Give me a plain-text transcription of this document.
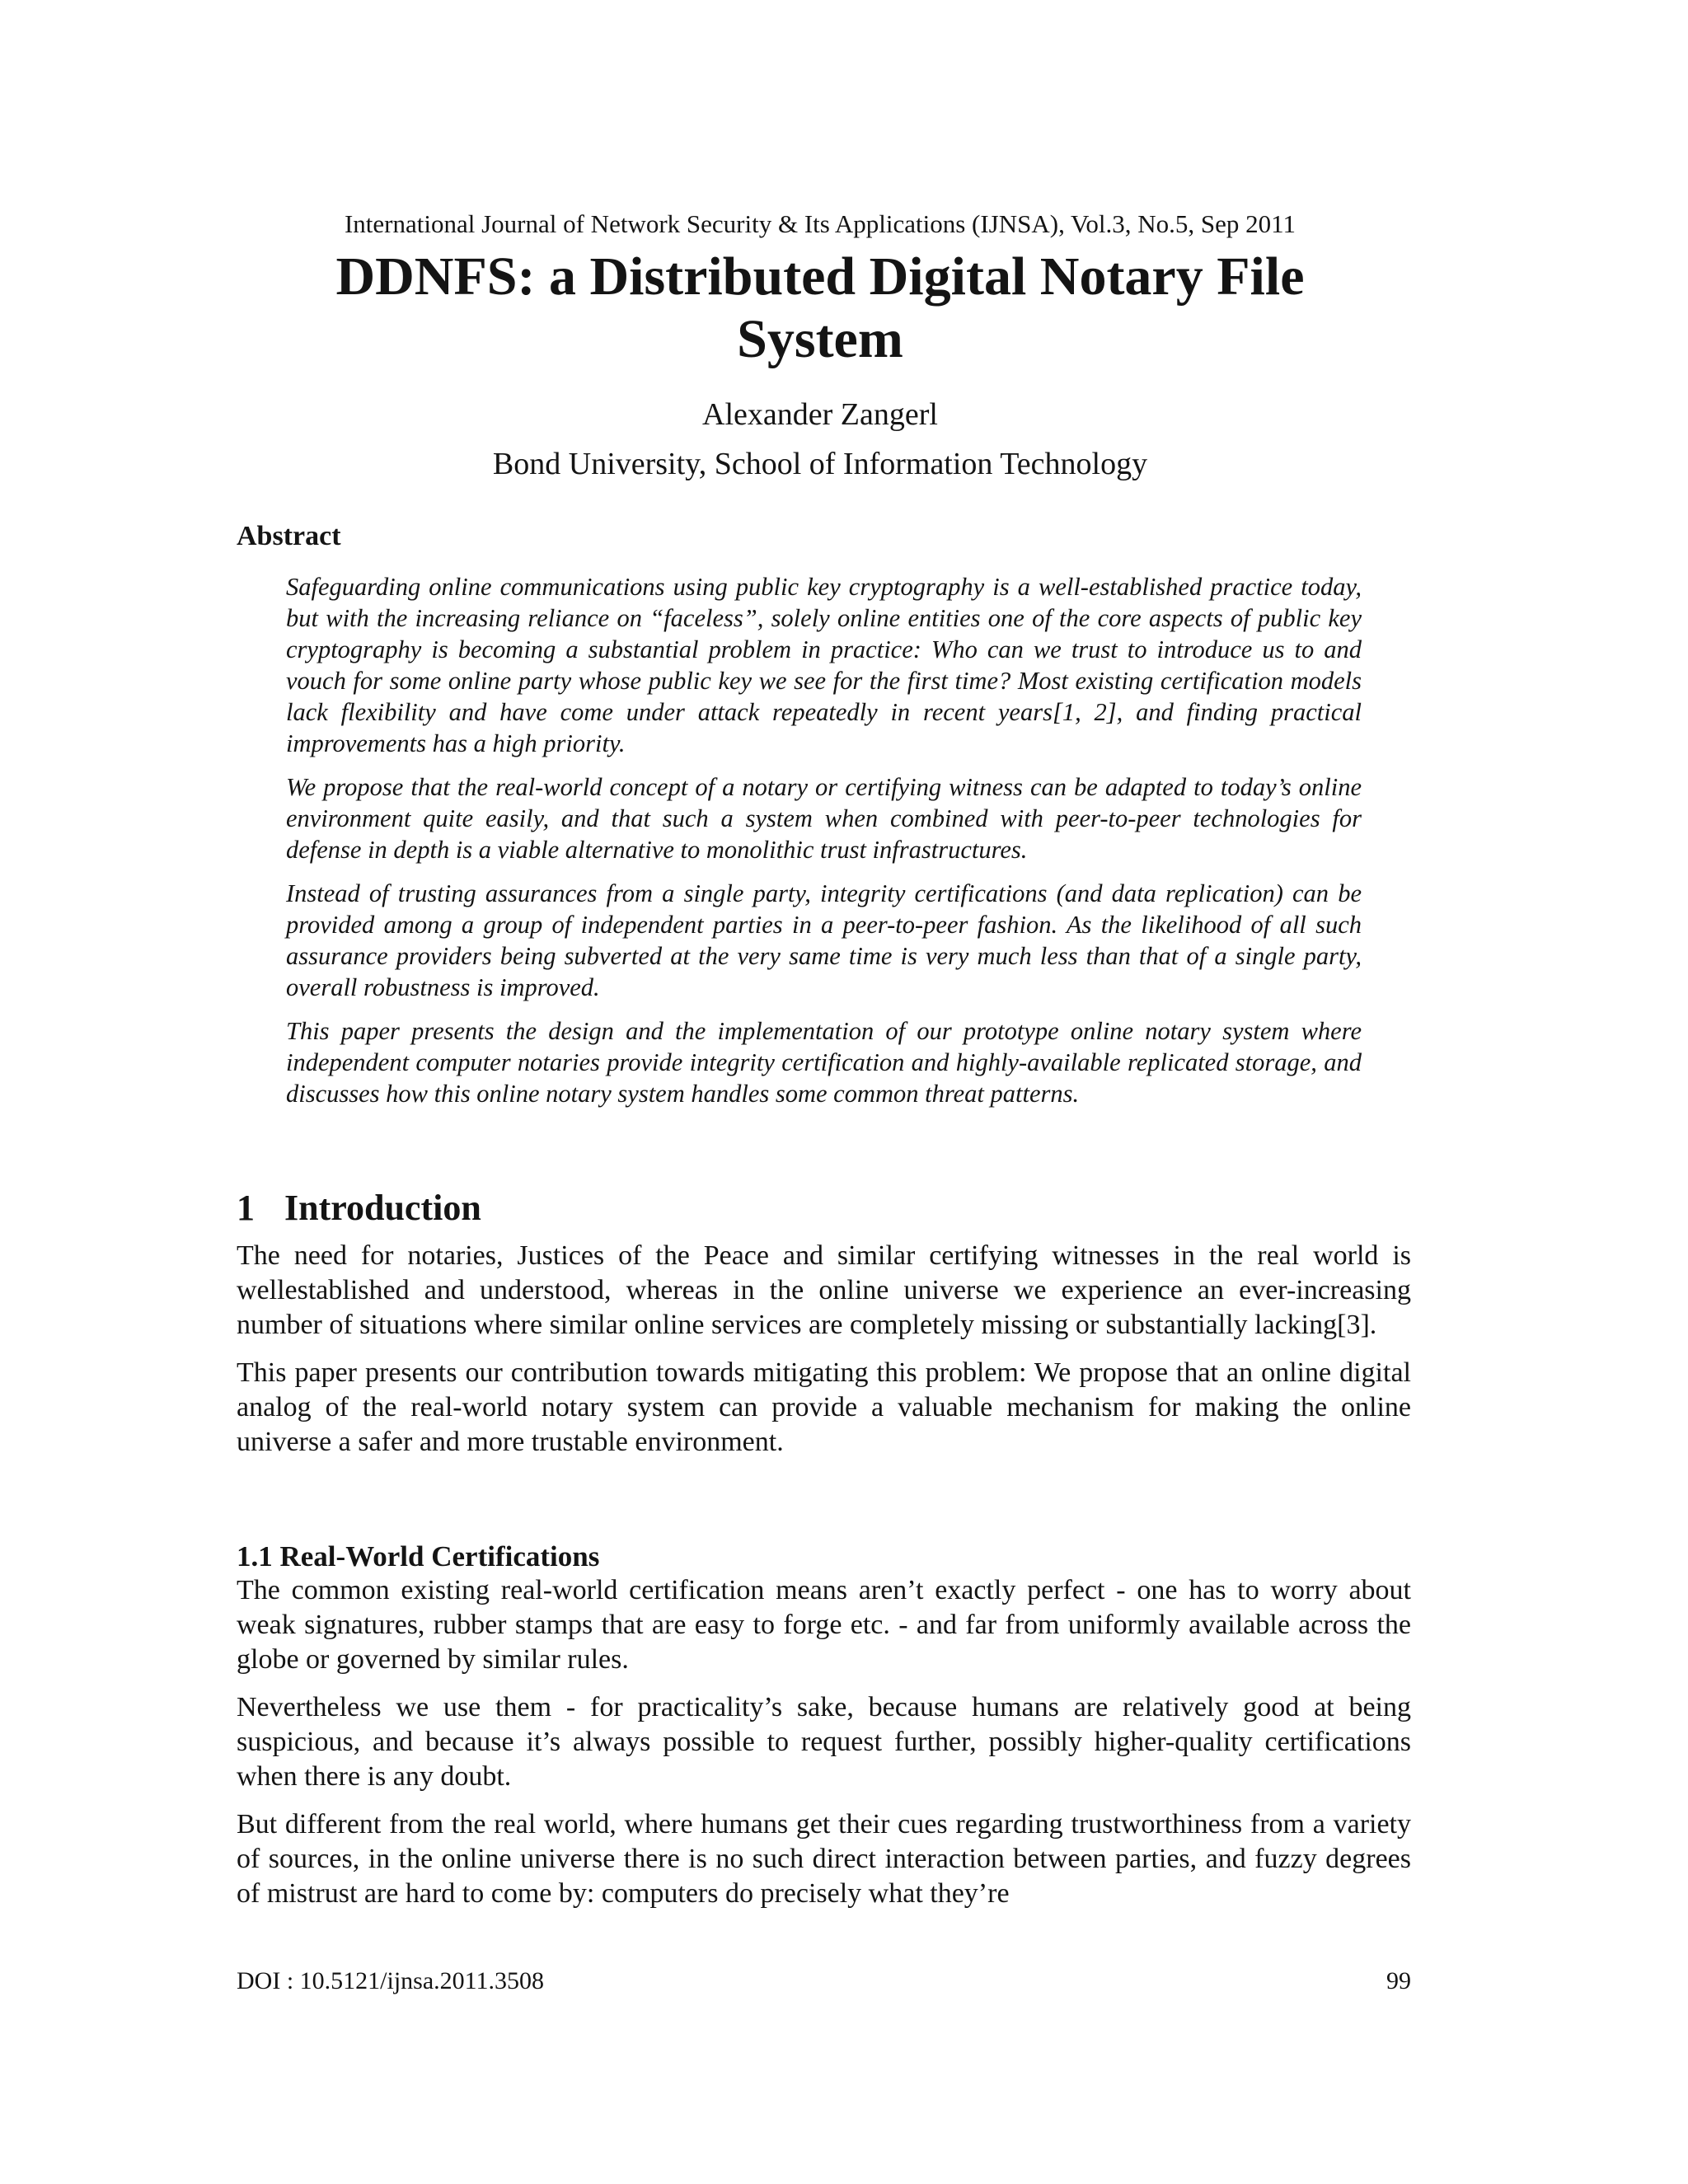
International Journal of Network Security & Its Applications (IJNSA), Vol.3, No.5, Sep 2011
DDNFS: a Distributed Digital Notary File System
Alexander Zangerl
Bond University, School of Information Technology
Abstract

Safeguarding online communications using public key cryptography is a well-established practice today, but with the increasing reliance on “faceless”, solely online entities one of the core aspects of public key cryptography is becoming a substantial problem in practice: Who can we trust to introduce us to and vouch for some online party whose public key we see for the first time? Most existing certification models lack flexibility and have come under attack repeatedly in recent years[1, 2], and finding practical improvements has a high priority.

We propose that the real-world concept of a notary or certifying witness can be adapted to today’s online environment quite easily, and that such a system when combined with peer-to-peer technologies for defense in depth is a viable alternative to monolithic trust infrastructures.

Instead of trusting assurances from a single party, integrity certifications (and data replication) can be provided among a group of independent parties in a peer-to-peer fashion. As the likelihood of all such assurance providers being subverted at the very same time is very much less than that of a single party, overall robustness is improved.

This paper presents the design and the implementation of our prototype online notary system where independent computer notaries provide integrity certification and highly-available replicated storage, and discusses how this online notary system handles some common threat patterns.

1 Introduction

The need for notaries, Justices of the Peace and similar certifying witnesses in the real world is wellestablished and understood, whereas in the online universe we experience an ever-increasing number of situations where similar online services are completely missing or substantially lacking[3].

This paper presents our contribution towards mitigating this problem: We propose that an online digital analog of the real-world notary system can provide a valuable mechanism for making the online universe a safer and more trustable environment.

1.1 Real-World Certifications

The common existing real-world certification means aren’t exactly perfect - one has to worry about weak signatures, rubber stamps that are easy to forge etc. - and far from uniformly available across the globe or governed by similar rules.

Nevertheless we use them - for practicality’s sake, because humans are relatively good at being suspicious, and because it’s always possible to request further, possibly higher-quality certifications when there is any doubt.

But different from the real world, where humans get their cues regarding trustworthiness from a variety of sources, in the online universe there is no such direct interaction between parties, and fuzzy degrees of mistrust are hard to come by: computers do precisely what they’re

DOI : 10.5121/ijnsa.2011.3508	99
